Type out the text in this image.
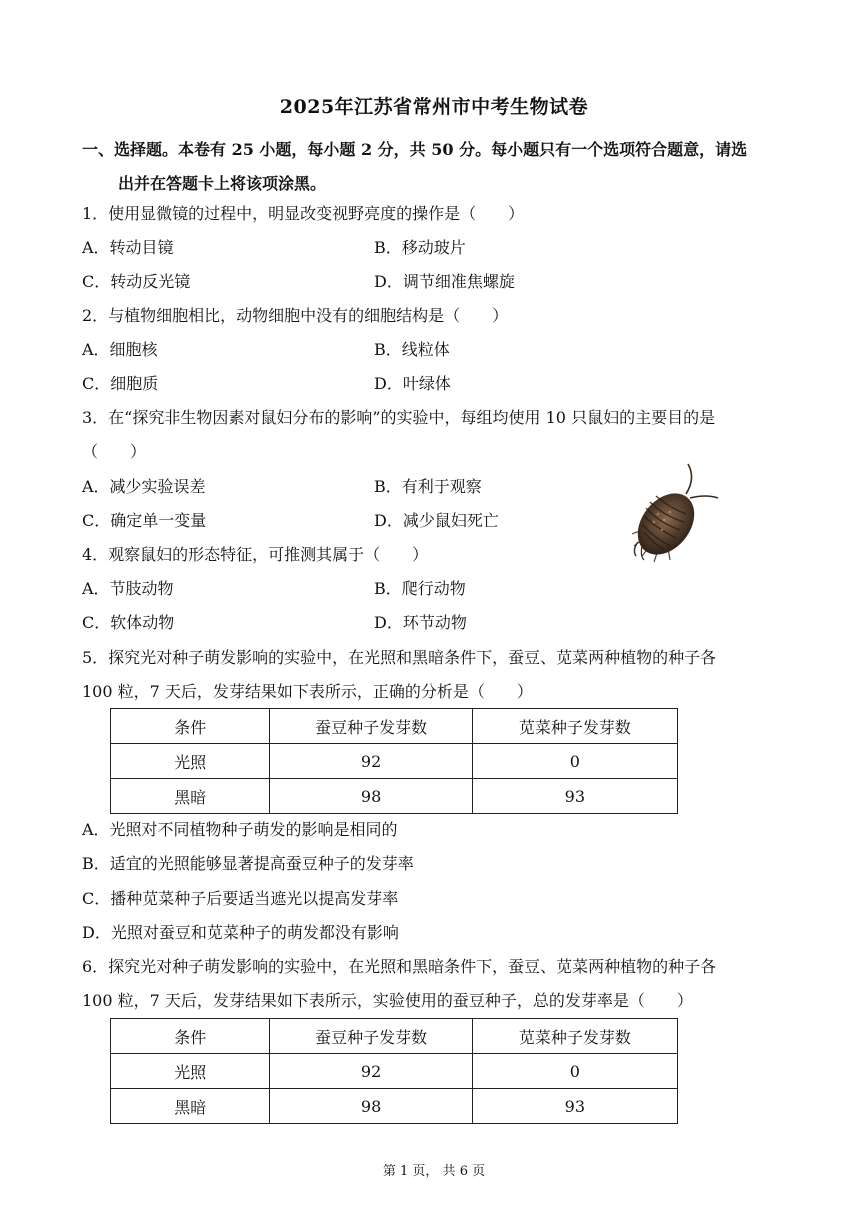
2025年江苏省常州市中考生物试卷
一、选择题。本卷有 25 小题，每小题 2 分，共 50 分。每小题只有一个选项符合题意，请选
出并在答题卡上将该项涂黑。
1．使用显微镜的过程中，明显改变视野亮度的操作是（　　）
A．转动目镜	B．移动玻片
C．转动反光镜	D．调节细准焦螺旋
2．与植物细胞相比，动物细胞中没有的细胞结构是（　　）
A．细胞核	B．线粒体
C．细胞质	D．叶绿体
3．在“探究非生物因素对鼠妇分布的影响”的实验中，每组均使用 10 只鼠妇的主要目的是
（　　）
A．减少实验误差	B．有利于观察
C．确定单一变量	D．减少鼠妇死亡
4．观察鼠妇的形态特征，可推测其属于（　　）
A．节肢动物	B．爬行动物
C．软体动物	D．环节动物
5．探究光对种子萌发影响的实验中，在光照和黑暗条件下，蚕豆、苋菜两种植物的种子各
100 粒，7 天后，发芽结果如下表所示，正确的分析是（　　）
条件	蚕豆种子发芽数	苋菜种子发芽数
光照	92	0
黑暗	98	93
A．光照对不同植物种子萌发的影响是相同的
B．适宜的光照能够显著提高蚕豆种子的发芽率
C．播种苋菜种子后要适当遮光以提高发芽率
D．光照对蚕豆和苋菜种子的萌发都没有影响
6．探究光对种子萌发影响的实验中，在光照和黑暗条件下，蚕豆、苋菜两种植物的种子各
100 粒，7 天后，发芽结果如下表所示，实验使用的蚕豆种子，总的发芽率是（　　）
条件	蚕豆种子发芽数	苋菜种子发芽数
光照	92	0
黑暗	98	93
第 1 页， 共 6 页
